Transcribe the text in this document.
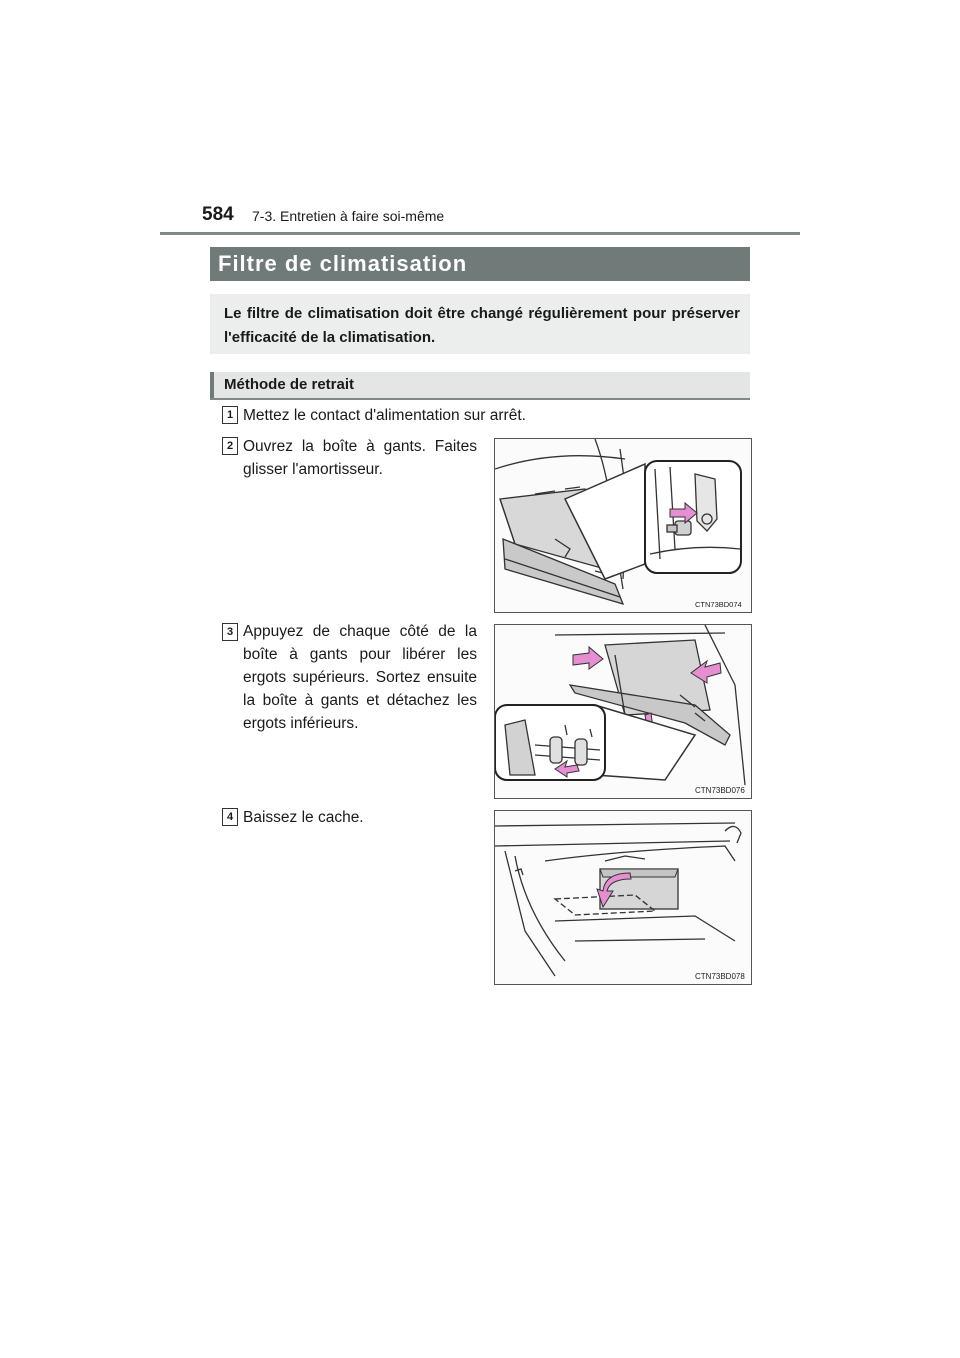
584 7-3. Entretien à faire soi-même
Filtre de climatisation
Le filtre de climatisation doit être changé régulièrement pour préserver l'efficacité de la climatisation.
Méthode de retrait
1 Mettez le contact d'alimentation sur arrêt.
2 Ouvrez la boîte à gants. Faites glisser l'amortisseur.
CTN73BD074
3 Appuyez de chaque côté de la boîte à gants pour libérer les ergots supérieurs. Sortez ensuite la boîte à gants et détachez les ergots inférieurs.
CTN73BD076
4 Baissez le cache.
CTN73BD078
